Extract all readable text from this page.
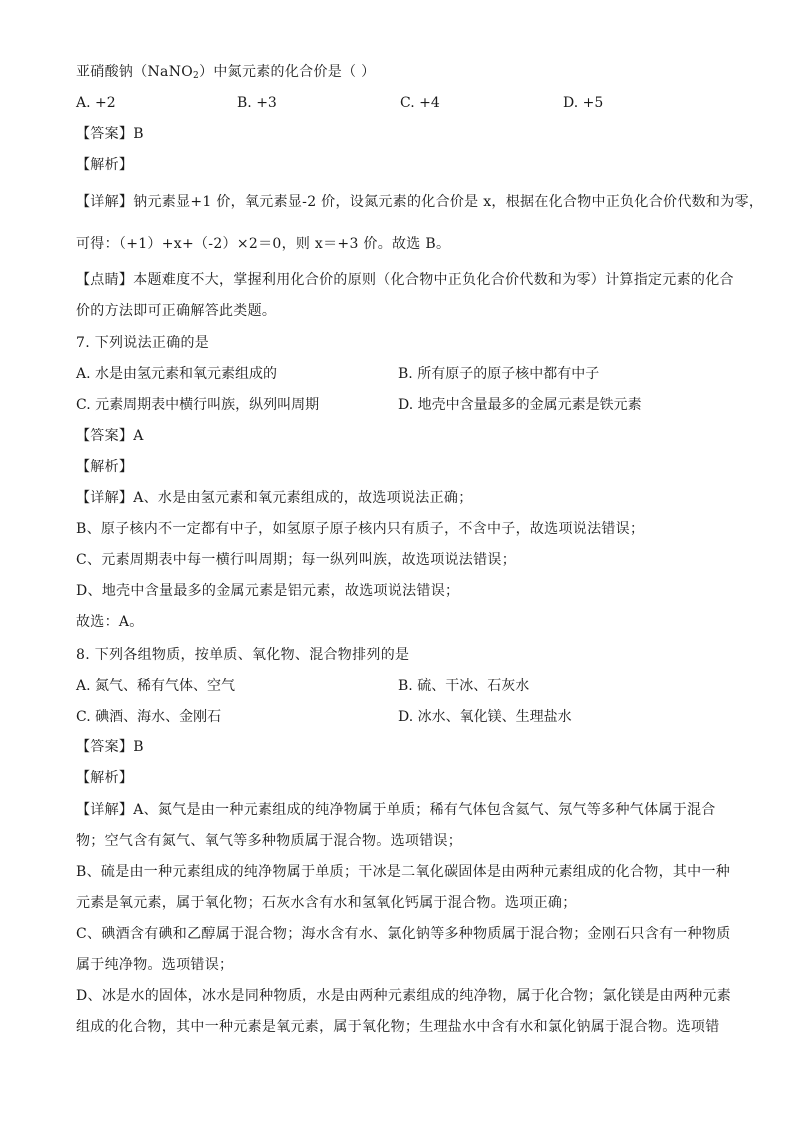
亚硝酸钠（NaNO$_2$）中氮元素的化合价是（ ）
A. +2	B. +3	C. +4	D. +5
【答案】B
【解析】
【详解】钠元素显+1 价，氧元素显-2 价，设氮元素的化合价是 x，根据在化合物中正负化合价代数和为零，
可得：（+1）+x+（-2）×2＝0，则 x＝+3 价。故选 B。
【点睛】本题难度不大，掌握利用化合价的原则（化合物中正负化合价代数和为零）计算指定元素的化合
价的方法即可正确解答此类题。
7. 下列说法正确的是
A. 水是由氢元素和氧元素组成的	B. 所有原子的原子核中都有中子
C. 元素周期表中横行叫族，纵列叫周期	D. 地壳中含量最多的金属元素是铁元素
【答案】A
【解析】
【详解】A、水是由氢元素和氧元素组成的，故选项说法正确；
B、原子核内不一定都有中子，如氢原子原子核内只有质子，不含中子，故选项说法错误；
C、元素周期表中每一横行叫周期；每一纵列叫族，故选项说法错误；
D、地壳中含量最多的金属元素是铝元素，故选项说法错误；
故选：A。
8. 下列各组物质，按单质、氧化物、混合物排列的是
A. 氮气、稀有气体、空气	B. 硫、干冰、石灰水
C. 碘酒、海水、金刚石	D. 冰水、氧化镁、生理盐水
【答案】B
【解析】
【详解】A、氮气是由一种元素组成的纯净物属于单质；稀有气体包含氦气、氖气等多种气体属于混合
物；空气含有氮气、氧气等多种物质属于混合物。选项错误；
B、硫是由一种元素组成的纯净物属于单质；干冰是二氧化碳固体是由两种元素组成的化合物，其中一种
元素是氧元素，属于氧化物；石灰水含有水和氢氧化钙属于混合物。选项正确；
C、碘酒含有碘和乙醇属于混合物；海水含有水、氯化钠等多种物质属于混合物；金刚石只含有一种物质
属于纯净物。选项错误；
D、冰是水的固体，冰水是同种物质，水是由两种元素组成的纯净物，属于化合物；氯化镁是由两种元素
组成的化合物，其中一种元素是氧元素，属于氧化物；生理盐水中含有水和氯化钠属于混合物。选项错
